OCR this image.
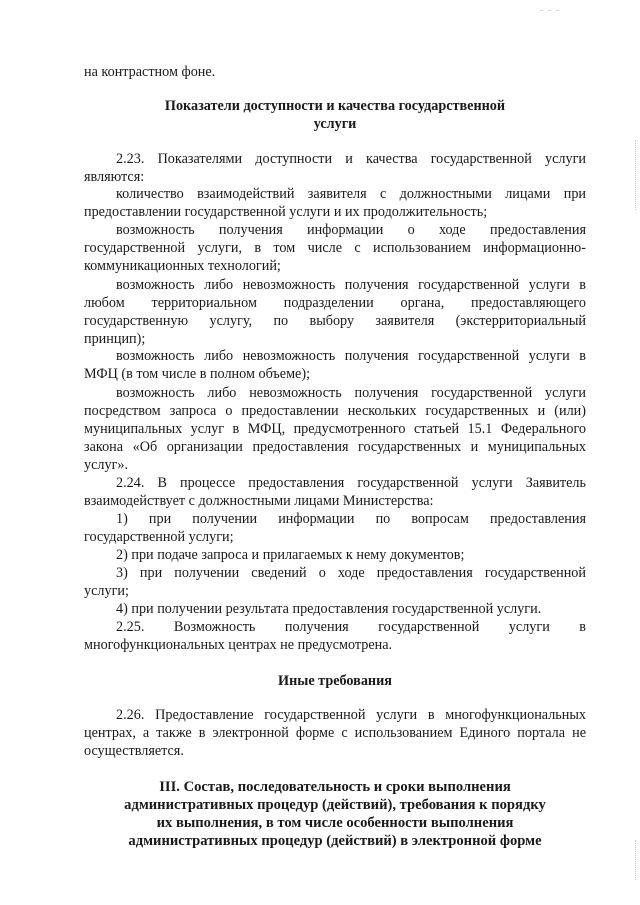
на контрастном фоне.
Показатели доступности и качества государственной
услуги
2.23. Показателями доступности и качества государственной услуги
являются:
количество взаимодействий заявителя с должностными лицами при
предоставлении государственной услуги и их продолжительность;
возможность получения информации о ходе предоставления
государственной услуги, в том числе с использованием информационно-
коммуникационных технологий;
возможность либо невозможность получения государственной услуги в
любом территориальном подразделении органа, предоставляющего
государственную услугу, по выбору заявителя (экстерриториальный
принцип);
возможность либо невозможность получения государственной услуги в
МФЦ (в том числе в полном объеме);
возможность либо невозможность получения государственной услуги
посредством запроса о предоставлении нескольких государственных и (или)
муниципальных услуг в МФЦ, предусмотренного статьей 15.1 Федерального
закона «Об организации предоставления государственных и муниципальных
услуг».
2.24. В процессе предоставления государственной услуги Заявитель
взаимодействует с должностными лицами Министерства:
1) при получении информации по вопросам предоставления
государственной услуги;
2) при подаче запроса и прилагаемых к нему документов;
3) при получении сведений о ходе предоставления государственной
услуги;
4) при получении результата предоставления государственной услуги.
2.25. Возможность получения государственной услуги в
многофункциональных центрах не предусмотрена.
Иные требования
2.26. Предоставление государственной услуги в многофункциональных
центрах, а также в электронной форме с использованием Единого портала не
осуществляется.
III. Состав, последовательность и сроки выполнения
административных процедур (действий), требования к порядку
их выполнения, в том числе особенности выполнения
административных процедур (действий) в электронной форме
